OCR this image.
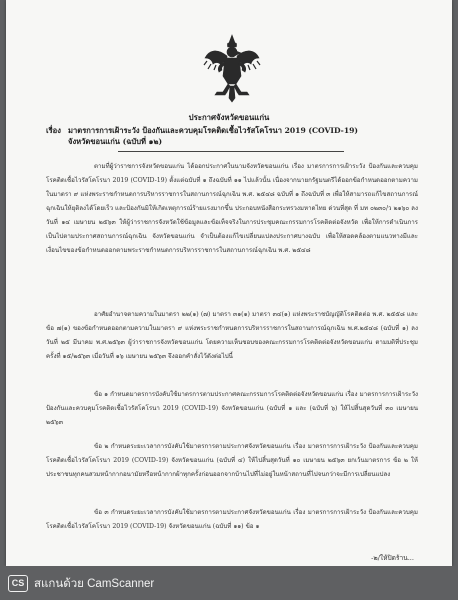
ประกาศจังหวัดขอนแก่น
เรื่อง มาตรการการเฝ้าระวัง ป้องกันและควบคุมโรคติดเชื้อไวรัสโคโรนา 2019 (COVID-19)
จังหวัดขอนแก่น (ฉบับที่ ๑๒)
ตามที่ผู้ว่าราชการจังหวัดขอนแก่น ได้ออกประกาศในนามจังหวัดขอนแก่น เรื่อง มาตรการการเฝ้าระวัง ป้องกันและควบคุมโรคติดเชื้อไวรัสโคโรนา 2019 (COVID-19) ตั้งแต่ฉบับที่ ๑ ถึงฉบับที่ ๑๑ ไปแล้วนั้น เนื่องจากนายกรัฐมนตรีได้ออกข้อกำหนดออกตามความในมาตรา ๙ แห่งพระราชกำหนดการบริหารราชการในสถานการณ์ฉุกเฉิน พ.ศ. ๒๕๔๘ ฉบับที่ ๑ ถึงฉบับที่ ๓ เพื่อให้สามารถแก้ไขสถานการณ์ฉุกเฉินให้ยุติลงได้โดยเร็ว และป้องกันมิให้เกิดเหตุการณ์ร้ายแรงมากขึ้น ประกอบหนังสือกระทรวงมหาดไทย ด่วนที่สุด ที่ มท ๐๒๓๐/ว ๒๑๖๐ ลงวันที่ ๑๔ เมษายน ๒๕๖๓ ให้ผู้ว่าราชการจังหวัดใช้ข้อมูลและข้อเท็จจริงในการประชุมคณะกรรมการโรคติดต่อจังหวัด เพื่อให้การดำเนินการเป็นไปตามประกาศสถานการณ์ฉุกเฉิน จังหวัดขอนแก่น จำเป็นต้องแก้ไขเปลี่ยนแปลงประกาศบางฉบับ เพื่อให้สอดคล้องตามแนวทางมีและเงื่อนไขของข้อกำหนดออกตามพระราชกำหนดการบริหารราชการในสถานการณ์ฉุกเฉิน พ.ศ. ๒๕๔๘
อาศัยอำนาจตามความในมาตรา ๒๒(๑) (๗) มาตรา ๓๑(๑) มาตรา ๓๔(๑) แห่งพระราชบัญญัติโรคติดต่อ พ.ศ. ๒๕๕๘ และข้อ ๗(๑) ของข้อกำหนดออกตามความในมาตรา ๙ แห่งพระราชกำหนดการบริหารราชการในสถานการณ์ฉุกเฉิน พ.ศ.๒๕๔๘ (ฉบับที่ ๑) ลงวันที่ ๒๕ มีนาคม พ.ศ.๒๕๖๓ ผู้ว่าราชการจังหวัดขอนแก่น โดยความเห็นชอบของคณะกรรมการโรคติดต่อจังหวัดขอนแก่น ตามมติที่ประชุมครั้งที่ ๑๕/๒๕๖๓ เมื่อวันที่ ๑๖ เมษายน ๒๕๖๓ จึงออกคำสั่งไว้ดังต่อไปนี้
ข้อ ๑ กำหนดมาตรการบังคับใช้มาตรการตามประกาศคณะกรรมการโรคติดต่อจังหวัดขอนแก่น เรื่อง มาตรการการเฝ้าระวัง ป้องกันและควบคุมโรคติดเชื้อไวรัสโคโรนา 2019 (COVID-19) จังหวัดขอนแก่น (ฉบับที่ ๑ และ (ฉบับที่ ๖) ให้ไปสิ้นสุดวันที่ ๓๐ เมษายน ๒๕๖๓
ข้อ ๒ กำหนดระยะเวลาการบังคับใช้มาตรการตามประกาศจังหวัดขอนแก่น เรื่อง มาตรการการเฝ้าระวัง ป้องกันและควบคุมโรคติดเชื้อไวรัสโคโรนา 2019 (COVID-19) จังหวัดขอนแก่น (ฉบับที่ ๔) ให้ไปสิ้นสุดวันที่ ๑๐ เมษายน ๒๕๖๓ ยกเว้นมาตรการ ข้อ ๒ ให้ประชาชนทุกคนสวมหน้ากากอนามัยหรือหน้ากากผ้าทุกครั้งก่อนออกจากบ้านไปที่ไม่อยู่ในหน้าสถานที่ไปจนกว่าจะมีการเปลี่ยนแปลง
ข้อ ๓ กำหนดระยะเวลาการบังคับใช้มาตรการตามประกาศจังหวัดขอนแก่น เรื่อง มาตรการการเฝ้าระวัง ป้องกันและควบคุมโรคติดเชื้อไวรัสโคโรนา 2019 (COVID-19) จังหวัดขอนแก่น (ฉบับที่ ๑๑) ข้อ ๑
-๒/ให้ปิดร้าน...
CS สแกนด้วย CamScanner
